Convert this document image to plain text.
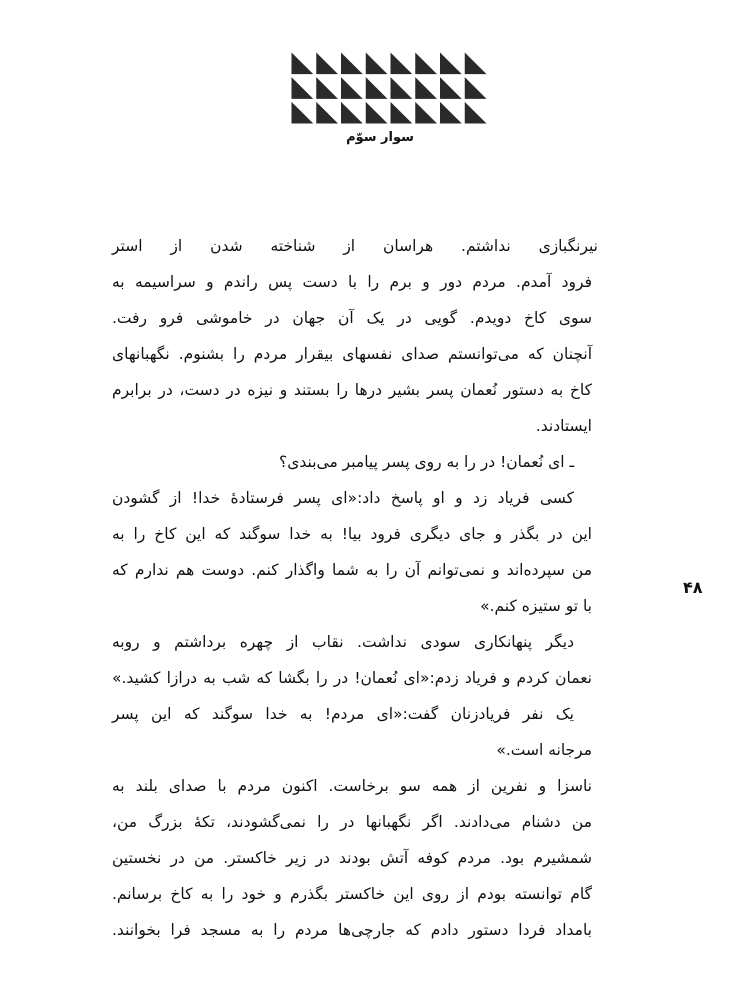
سوار سوّم
نیرنگبازی نداشتم. هراسان از شناخته شدن از استر
فرود آمدم. مردم دور و برم را با دست پس راندم و سراسیمه به
سوی کاخ دویدم. گویی در یک آن جهان در خاموشی فرو رفت.
آنچنان که می‌توانستم صدای نفسهای بیقرار مردم را بشنوم. نگهبانهای
کاخ به دستور نُعمان پسر بشیر درها را بستند و نیزه در دست، در برابرم
ایستادند.
ـ ای نُعمان! در را به روی پسر پیامبر می‌بندی؟
کسی فریاد زد و او پاسخ داد:«ای پسر فرستادهٔ خدا! از گشودن
این در بگذر و جای دیگری فرود بیا! به خدا سوگند که این کاخ را به
من سپرده‌اند و نمی‌توانم آن را به شما واگذار کنم. دوست هم ندارم که
با تو ستیزه کنم.»
دیگر پنهانکاری سودی نداشت. نقاب از چهره برداشتم و روبه
نعمان کردم و فریاد زدم:«ای نُعمان! در را بگشا که شب به درازا کشید.»
یک نفر فریادزنان گفت:«ای مردم! به خدا سوگند که این پسر
مرجانه است.»
ناسزا و نفرین از همه سو برخاست. اکنون مردم با صدای بلند به
من دشنام می‌دادند. اگر نگهبانها در را نمی‌گشودند، تکهٔ بزرگ من،
شمشیرم بود. مردم کوفه آتش بودند در زیر خاکستر. من در نخستین
گام توانسته بودم از روی این خاکستر بگذرم و خود را به کاخ برسانم.
بامداد فردا دستور دادم که جارچی‌ها مردم را به مسجد فرا بخوانند.
۴۸
